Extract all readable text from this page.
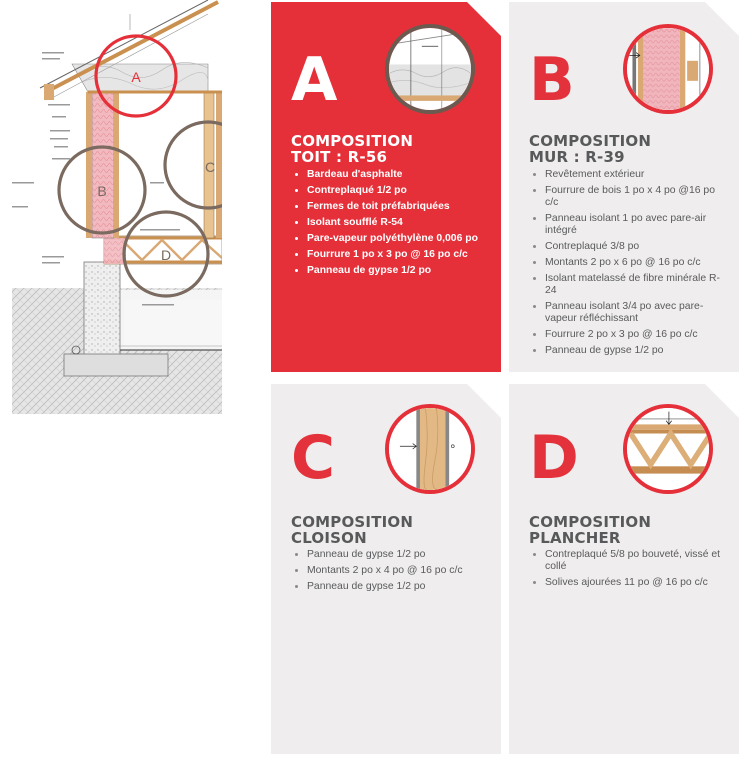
A
B
C
D
A
COMPOSITION
TOIT : R-56
• Bardeau d'asphalte
• Contreplaqué 1/2 po
• Fermes de toit préfabriquées
• Isolant soufflé R-54
• Pare-vapeur polyéthylène 0,006 po
• Fourrure 1 po x 3 po @ 16 po c/c
• Panneau de gypse 1/2 po
B
COMPOSITION
MUR : R-39
• Revêtement extérieur
• Fourrure de bois 1 po x 4 po @16 po c/c
• Panneau isolant 1 po avec pare-air intégré
• Contreplaqué 3/8 po
• Montants 2 po x 6 po @ 16 po c/c
• Isolant matelassé de fibre minérale R-24
• Panneau isolant 3/4 po avec pare-vapeur réfléchissant
• Fourrure 2 po x 3 po @ 16 po c/c
• Panneau de gypse 1/2 po
C
COMPOSITION
CLOISON
• Panneau de gypse 1/2 po
• Montants 2 po x 4 po @ 16 po c/c
• Panneau de gypse 1/2 po
D
COMPOSITION
PLANCHER
• Contreplaqué 5/8 po bouveté, vissé et collé
• Solives ajourées 11 po @ 16 po c/c
